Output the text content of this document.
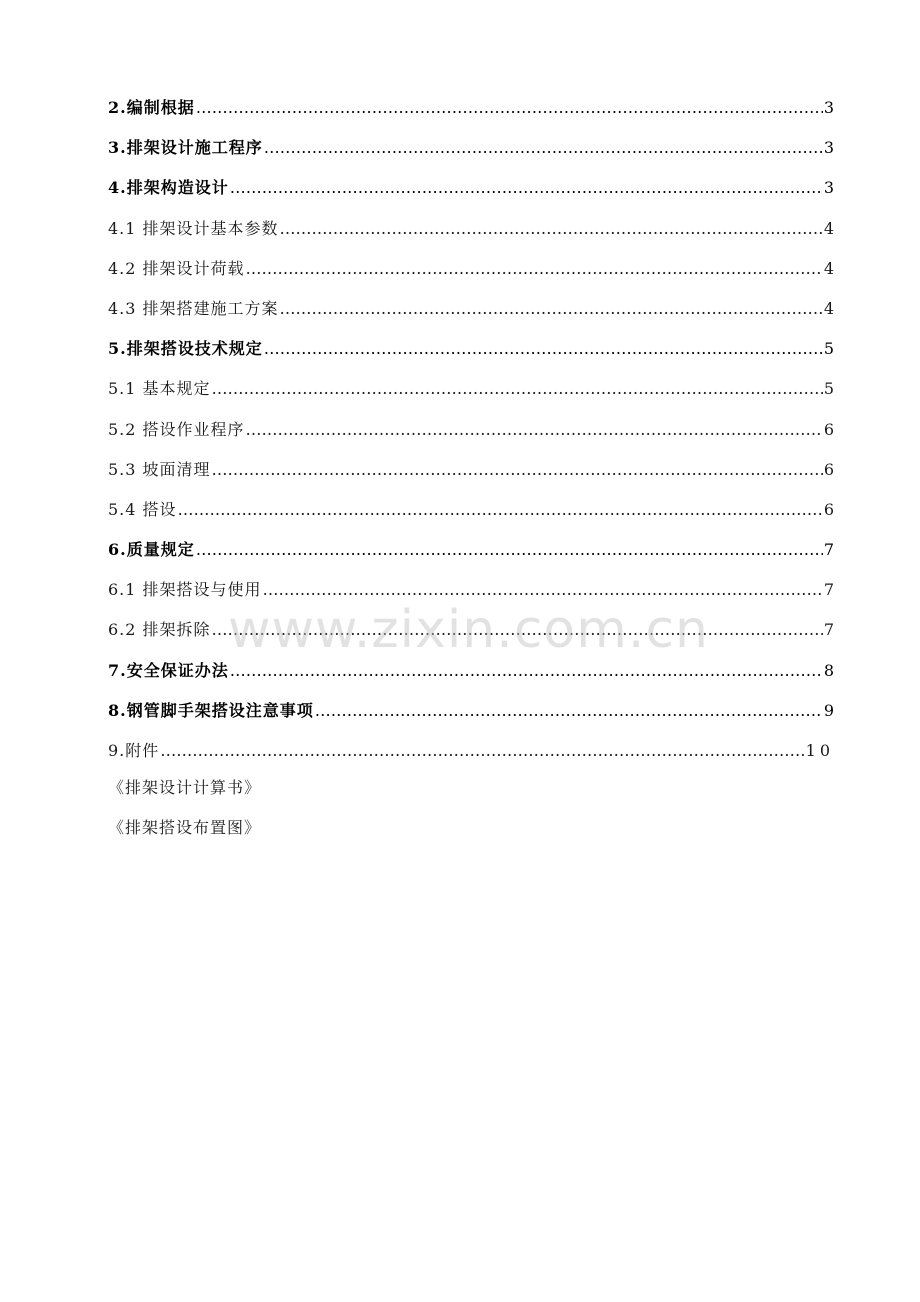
2.编制根据 …………………………………………………………………………………………………………………………………………………………………………………………………………………	3
3.排架设计施工程序 …………………………………………………………………………………………………………………………………………………………………………………………………………………	3
4.排架构造设计 …………………………………………………………………………………………………………………………………………………………………………………………………………………	3
4.1 排架设计基本参数 …………………………………………………………………………………………………………………………………………………………………………………………………………………	4
4.2 排架设计荷载 …………………………………………………………………………………………………………………………………………………………………………………………………………………	4
4.3 排架搭建施工方案 …………………………………………………………………………………………………………………………………………………………………………………………………………………	4
5.排架搭设技术规定 …………………………………………………………………………………………………………………………………………………………………………………………………………………	5
5.1 基本规定 …………………………………………………………………………………………………………………………………………………………………………………………………………………	5
5.2 搭设作业程序 …………………………………………………………………………………………………………………………………………………………………………………………………………………	6
5.3 坡面清理 …………………………………………………………………………………………………………………………………………………………………………………………………………………	6
5.4 搭设 …………………………………………………………………………………………………………………………………………………………………………………………………………………	6
6.质量规定 …………………………………………………………………………………………………………………………………………………………………………………………………………………	7
6.1 排架搭设与使用 …………………………………………………………………………………………………………………………………………………………………………………………………………………	7
6.2 排架拆除 …………………………………………………………………………………………………………………………………………………………………………………………………………………	7
7.安全保证办法 …………………………………………………………………………………………………………………………………………………………………………………………………………………	8
8.钢管脚手架搭设注意事项 …………………………………………………………………………………………………………………………………………………………………………………………………………………	9
9.附件 …………………………………………………………………………………………………………………………………………………………………………………………………………………	10
《排架设计计算书》
《排架搭设布置图》
www.zixin.com.cn
